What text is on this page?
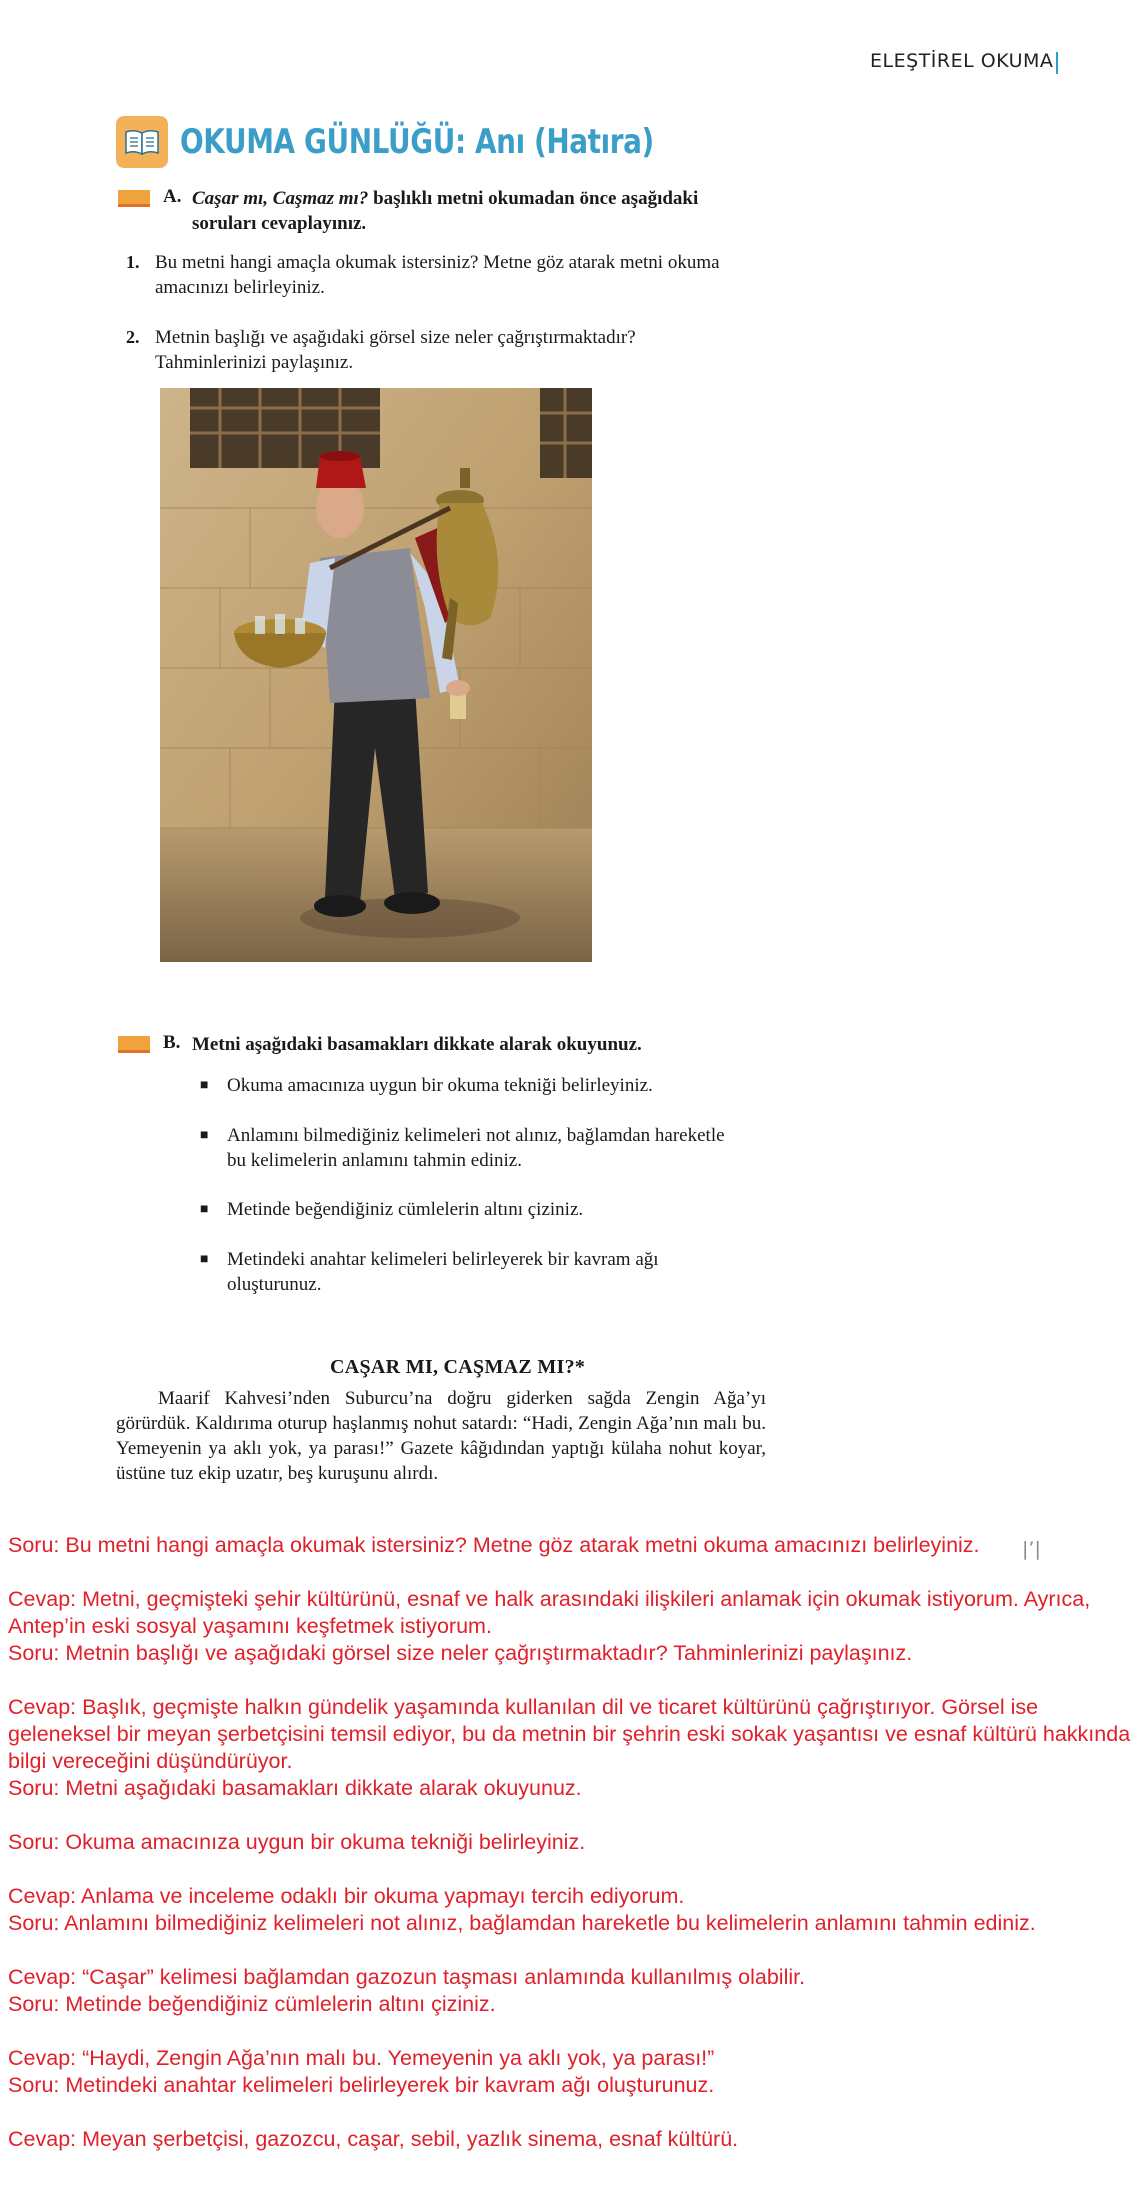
ELEŞTİREL OKUMA
OKUMA GÜNLÜĞÜ: Anı (Hatıra)
A. Caşar mı, Caşmaz mı? başlıklı metni okumadan önce aşağıdaki
soruları cevaplayınız.
1. Bu metni hangi amaçla okumak istersiniz? Metne göz atarak metni okuma
amacınızı belirleyiniz.
2. Metnin başlığı ve aşağıdaki görsel size neler çağrıştırmaktadır?
Tahminlerinizi paylaşınız.
B. Metni aşağıdaki basamakları dikkate alarak okuyunuz.
■ Okuma amacınıza uygun bir okuma tekniği belirleyiniz.
■ Anlamını bilmediğiniz kelimeleri not alınız, bağlamdan hareketle
bu kelimelerin anlamını tahmin ediniz.
■ Metinde beğendiğiniz cümlelerin altını çiziniz.
■ Metindeki anahtar kelimeleri belirleyerek bir kavram ağı
oluşturunuz.
CAŞAR MI, CAŞMAZ MI?*
Maarif Kahvesi’nden Suburcu’na doğru giderken sağda Zengin Ağa’yı görürdük. Kaldırıma oturup haşlanmış nohut satardı: “Hadi, Zengin Ağa’nın malı bu. Yemeyenin ya aklı yok, ya parası!” Gazete kâğıdından yaptığı külaha nohut koyar, üstüne tuz ekip uzatır, beş kuruşunu alırdı.
|’|

Soru: Bu metni hangi amaçla okumak istersiniz? Metne göz atarak metni okuma amacınızı belirleyiniz.

Cevap: Metni, geçmişteki şehir kültürünü, esnaf ve halk arasındaki ilişkileri anlamak için okumak istiyorum. Ayrıca, Antep’in eski sosyal yaşamını keşfetmek istiyorum.

Soru: Metnin başlığı ve aşağıdaki görsel size neler çağrıştırmaktadır? Tahminlerinizi paylaşınız.

Cevap: Başlık, geçmişte halkın gündelik yaşamında kullanılan dil ve ticaret kültürünü çağrıştırıyor. Görsel ise geleneksel bir meyan şerbetçisini temsil ediyor, bu da metnin bir şehrin eski sokak yaşantısı ve esnaf kültürü hakkında bilgi vereceğini düşündürüyor.

Soru: Metni aşağıdaki basamakları dikkate alarak okuyunuz.

Soru: Okuma amacınıza uygun bir okuma tekniği belirleyiniz.

Cevap: Anlama ve inceleme odaklı bir okuma yapmayı tercih ediyorum.

Soru: Anlamını bilmediğiniz kelimeleri not alınız, bağlamdan hareketle bu kelimelerin anlamını tahmin ediniz.

Cevap: “Caşar” kelimesi bağlamdan gazozun taşması anlamında kullanılmış olabilir.

Soru: Metinde beğendiğiniz cümlelerin altını çiziniz.

Cevap: “Haydi, Zengin Ağa’nın malı bu. Yemeyenin ya aklı yok, ya parası!”

Soru: Metindeki anahtar kelimeleri belirleyerek bir kavram ağı oluşturunuz.

Cevap: Meyan şerbetçisi, gazozcu, caşar, sebil, yazlık sinema, esnaf kültürü.
